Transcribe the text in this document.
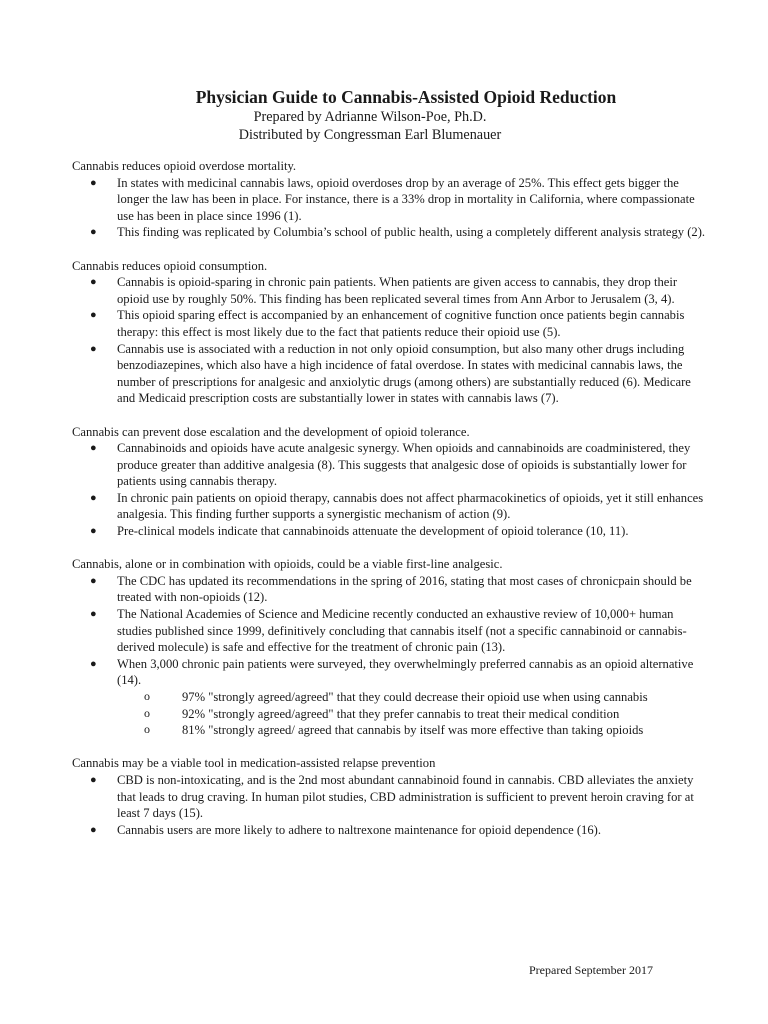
Physician Guide to Cannabis-Assisted Opioid Reduction

Prepared by Adrianne Wilson-Poe, Ph.D.

Distributed by Congressman Earl Blumenauer

Cannabis reduces opioid overdose mortality.

● In states with medicinal cannabis laws, opioid overdoses drop by an average of 25%. This effect gets bigger the longer the law has been in place. For instance, there is a 33% drop in mortality in California, where compassionate use has been in place since 1996 (1).
● This finding was replicated by Columbia’s school of public health, using a completely different analysis strategy (2).

Cannabis reduces opioid consumption.

● Cannabis is opioid-sparing in chronic pain patients. When patients are given access to cannabis, they drop their opioid use by roughly 50%. This finding has been replicated several times from Ann Arbor to Jerusalem (3, 4).
● This opioid sparing effect is accompanied by an enhancement of cognitive function once patients begin cannabis therapy: this effect is most likely due to the fact that patients reduce their opioid use (5).
● Cannabis use is associated with a reduction in not only opioid consumption, but also many other drugs including benzodiazepines, which also have a high incidence of fatal overdose. In states with medicinal cannabis laws, the number of prescriptions for analgesic and anxiolytic drugs (among others) are substantially reduced (6). Medicare and Medicaid prescription costs are substantially lower in states with cannabis laws (7).

Cannabis can prevent dose escalation and the development of opioid tolerance.

● Cannabinoids and opioids have acute analgesic synergy. When opioids and cannabinoids are coadministered, they produce greater than additive analgesia (8). This suggests that analgesic dose of opioids is substantially lower for patients using cannabis therapy.
● In chronic pain patients on opioid therapy, cannabis does not affect pharmacokinetics of opioids, yet it still enhances analgesia. This finding further supports a synergistic mechanism of action (9).
● Pre-clinical models indicate that cannabinoids attenuate the development of opioid tolerance (10, 11).

Cannabis, alone or in combination with opioids, could be a viable first-line analgesic.

● The CDC has updated its recommendations in the spring of 2016, stating that most cases of chronicpain should be treated with non-opioids (12).
● The National Academies of Science and Medicine recently conducted an exhaustive review of 10,000+ human studies published since 1999, definitively concluding that cannabis itself (not a specific cannabinoid or cannabis-derived molecule) is safe and effective for the treatment of chronic pain (13).
● When 3,000 chronic pain patients were surveyed, they overwhelmingly preferred cannabis as an opioid alternative (14).
o	97% "strongly agreed/agreed" that they could decrease their opioid use when using cannabis
o	92% "strongly agreed/agreed" that they prefer cannabis to treat their medical condition
o	81% "strongly agreed/ agreed that cannabis by itself was more effective than taking opioids

Cannabis may be a viable tool in medication-assisted relapse prevention

● CBD is non-intoxicating, and is the 2nd most abundant cannabinoid found in cannabis. CBD alleviates the anxiety that leads to drug craving. In human pilot studies, CBD administration is sufficient to prevent heroin craving for at least 7 days (15).
● Cannabis users are more likely to adhere to naltrexone maintenance for opioid dependence (16).

Prepared September 2017
